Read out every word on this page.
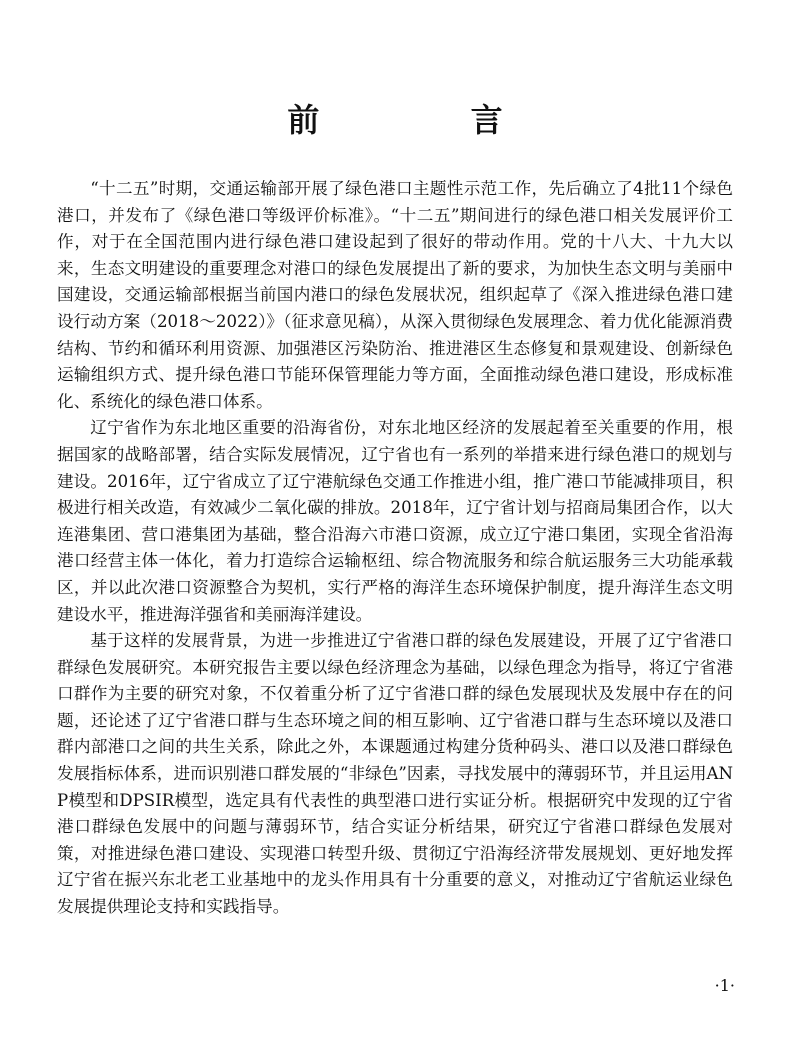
前 言

“十二五”时期，交通运输部开展了绿色港口主题性示范工作，先后确立了4批11个绿色港口，并发布了《绿色港口等级评价标准》。“十二五”期间进行的绿色港口相关发展评价工作，对于在全国范围内进行绿色港口建设起到了很好的带动作用。党的十八大、十九大以来，生态文明建设的重要理念对港口的绿色发展提出了新的要求，为加快生态文明与美丽中国建设，交通运输部根据当前国内港口的绿色发展状况，组织起草了《深入推进绿色港口建设行动方案（2018～2022）》（征求意见稿），从深入贯彻绿色发展理念、着力优化能源消费结构、节约和循环利用资源、加强港区污染防治、推进港区生态修复和景观建设、创新绿色运输组织方式、提升绿色港口节能环保管理能力等方面，全面推动绿色港口建设，形成标准化、系统化的绿色港口体系。

辽宁省作为东北地区重要的沿海省份，对东北地区经济的发展起着至关重要的作用，根据国家的战略部署，结合实际发展情况，辽宁省也有一系列的举措来进行绿色港口的规划与建设。2016年，辽宁省成立了辽宁港航绿色交通工作推进小组，推广港口节能减排项目，积极进行相关改造，有效减少二氧化碳的排放。2018年，辽宁省计划与招商局集团合作，以大连港集团、营口港集团为基础，整合沿海六市港口资源，成立辽宁港口集团，实现全省沿海港口经营主体一体化，着力打造综合运输枢纽、综合物流服务和综合航运服务三大功能承载区，并以此次港口资源整合为契机，实行严格的海洋生态环境保护制度，提升海洋生态文明建设水平，推进海洋强省和美丽海洋建设。

基于这样的发展背景，为进一步推进辽宁省港口群的绿色发展建设，开展了辽宁省港口群绿色发展研究。本研究报告主要以绿色经济理念为基础，以绿色理念为指导，将辽宁省港口群作为主要的研究对象，不仅着重分析了辽宁省港口群的绿色发展现状及发展中存在的问题，还论述了辽宁省港口群与生态环境之间的相互影响、辽宁省港口群与生态环境以及港口群内部港口之间的共生关系，除此之外，本课题通过构建分货种码头、港口以及港口群绿色发展指标体系，进而识别港口群发展的“非绿色”因素，寻找发展中的薄弱环节，并且运用ANP模型和DPSIR模型，选定具有代表性的典型港口进行实证分析。根据研究中发现的辽宁省港口群绿色发展中的问题与薄弱环节，结合实证分析结果，研究辽宁省港口群绿色发展对策，对推进绿色港口建设、实现港口转型升级、贯彻辽宁沿海经济带发展规划、更好地发挥辽宁省在振兴东北老工业基地中的龙头作用具有十分重要的意义，对推动辽宁省航运业绿色发展提供理论支持和实践指导。

·1·
